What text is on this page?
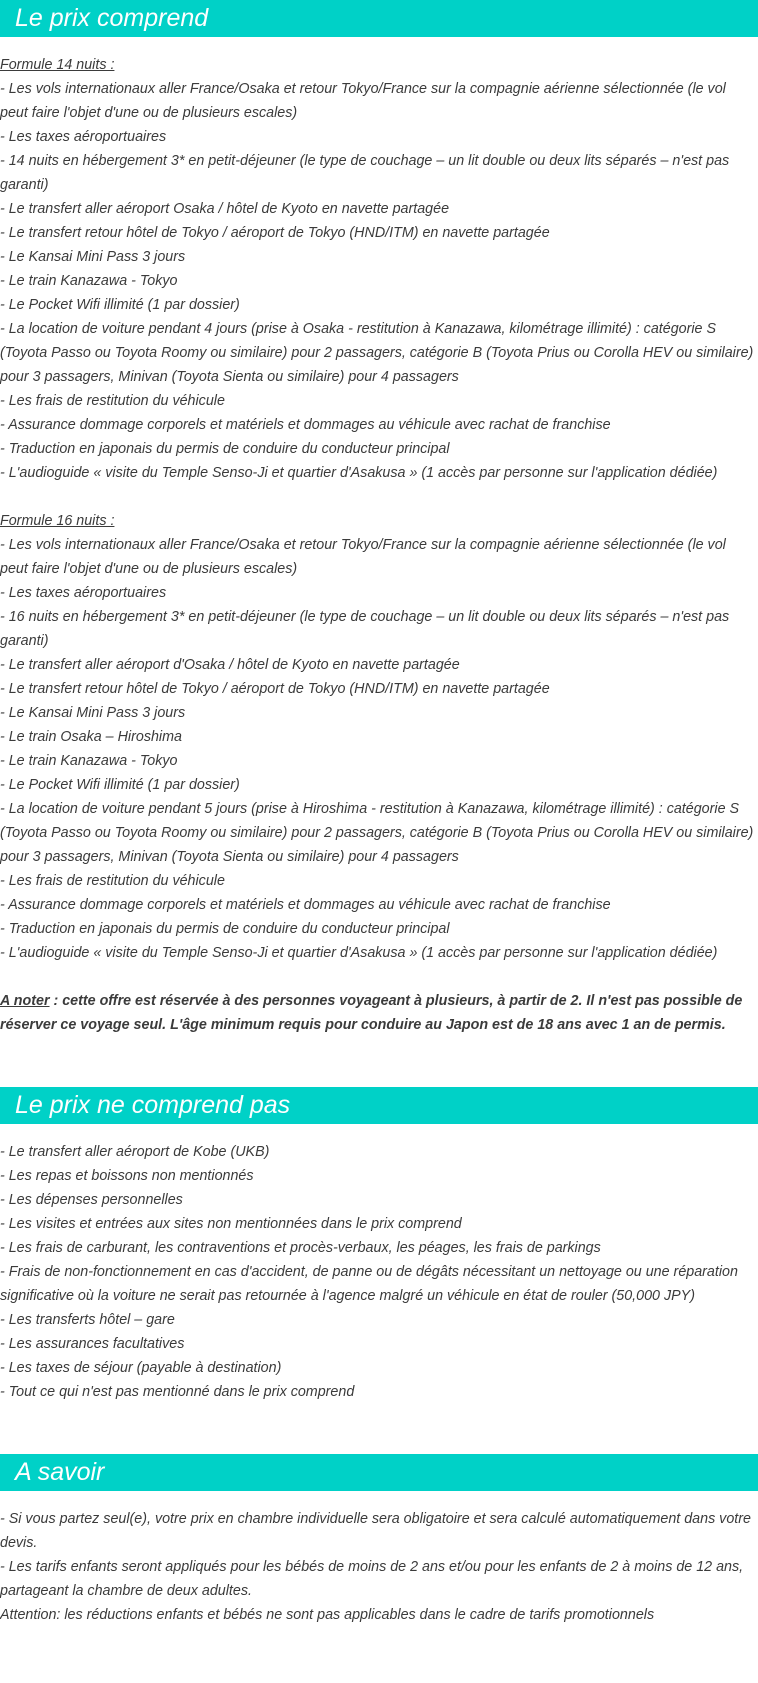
Le prix comprend

Formule 14 nuits :

- Les vols internationaux aller France/Osaka et retour Tokyo/France sur la compagnie aérienne sélectionnée (le vol peut faire l'objet d'une ou de plusieurs escales)

- Les taxes aéroportuaires

- 14 nuits en hébergement 3* en petit-déjeuner (le type de couchage – un lit double ou deux lits séparés – n'est pas garanti)

- Le transfert aller aéroport Osaka / hôtel de Kyoto en navette partagée

- Le transfert retour hôtel de Tokyo / aéroport de Tokyo (HND/ITM) en navette partagée

- Le Kansai Mini Pass 3 jours

- Le train Kanazawa - Tokyo

- Le Pocket Wifi illimité (1 par dossier)

- La location de voiture pendant 4 jours (prise à Osaka - restitution à Kanazawa, kilométrage illimité) : catégorie S (Toyota Passo ou Toyota Roomy ou similaire) pour 2 passagers, catégorie B (Toyota Prius ou Corolla HEV ou similaire) pour 3 passagers, Minivan (Toyota Sienta ou similaire) pour 4 passagers

- Les frais de restitution du véhicule

- Assurance dommage corporels et matériels et dommages au véhicule avec rachat de franchise

- Traduction en japonais du permis de conduire du conducteur principal

- L'audioguide « visite du Temple Senso-Ji et quartier d'Asakusa » (1 accès par personne sur l'application dédiée)

Formule 16 nuits :

- Les vols internationaux aller France/Osaka et retour Tokyo/France sur la compagnie aérienne sélectionnée (le vol peut faire l'objet d'une ou de plusieurs escales)

- Les taxes aéroportuaires

- 16 nuits en hébergement 3* en petit-déjeuner (le type de couchage – un lit double ou deux lits séparés – n'est pas garanti)

- Le transfert aller aéroport d'Osaka / hôtel de Kyoto en navette partagée

- Le transfert retour hôtel de Tokyo / aéroport de Tokyo (HND/ITM) en navette partagée

- Le Kansai Mini Pass 3 jours

- Le train Osaka – Hiroshima

- Le train Kanazawa - Tokyo

- Le Pocket Wifi illimité (1 par dossier)

- La location de voiture pendant 5 jours (prise à Hiroshima - restitution à Kanazawa, kilométrage illimité) : catégorie S (Toyota Passo ou Toyota Roomy ou similaire) pour 2 passagers, catégorie B (Toyota Prius ou Corolla HEV ou similaire) pour 3 passagers, Minivan (Toyota Sienta ou similaire) pour 4 passagers

- Les frais de restitution du véhicule

- Assurance dommage corporels et matériels et dommages au véhicule avec rachat de franchise

- Traduction en japonais du permis de conduire du conducteur principal

- L'audioguide « visite du Temple Senso-Ji et quartier d'Asakusa » (1 accès par personne sur l'application dédiée)

A noter : cette offre est réservée à des personnes voyageant à plusieurs, à partir de 2. Il n'est pas possible de réserver ce voyage seul. L'âge minimum requis pour conduire au Japon est de 18 ans avec 1 an de permis.

Le prix ne comprend pas

- Le transfert aller aéroport de Kobe (UKB)

- Les repas et boissons non mentionnés

- Les dépenses personnelles

- Les visites et entrées aux sites non mentionnées dans le prix comprend

- Les frais de carburant, les contraventions et procès-verbaux, les péages, les frais de parkings

- Frais de non-fonctionnement en cas d'accident, de panne ou de dégâts nécessitant un nettoyage ou une réparation significative où la voiture ne serait pas retournée à l'agence malgré un véhicule en état de rouler (50,000 JPY)

- Les transferts hôtel – gare

- Les assurances facultatives

- Les taxes de séjour (payable à destination)

- Tout ce qui n'est pas mentionné dans le prix comprend

A savoir

- Si vous partez seul(e), votre prix en chambre individuelle sera obligatoire et sera calculé automatiquement dans votre devis.

- Les tarifs enfants seront appliqués pour les bébés de moins de 2 ans et/ou pour les enfants de 2 à moins de 12 ans, partageant la chambre de deux adultes.

Attention: les réductions enfants et bébés ne sont pas applicables dans le cadre de tarifs promotionnels
